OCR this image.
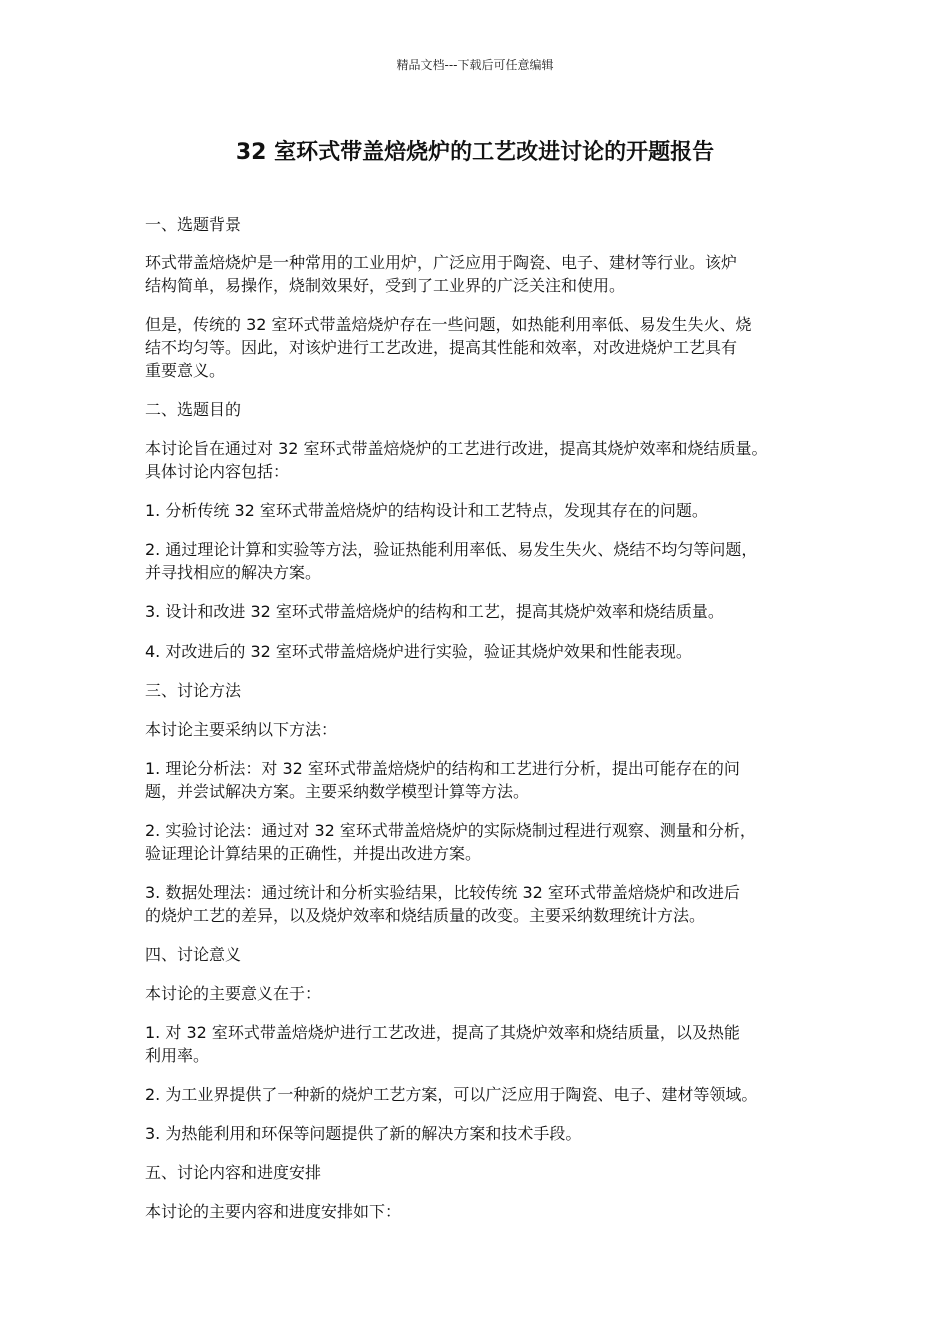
精品文档---下载后可任意编辑
32 室环式带盖焙烧炉的工艺改进讨论的开题报告

一、选题背景

环式带盖焙烧炉是一种常用的工业用炉，广泛应用于陶瓷、电子、建材等行业。该炉
结构简单，易操作，烧制效果好，受到了工业界的广泛关注和使用。

但是，传统的 32 室环式带盖焙烧炉存在一些问题，如热能利用率低、易发生失火、烧
结不均匀等。因此，对该炉进行工艺改进，提高其性能和效率，对改进烧炉工艺具有
重要意义。

二、选题目的

本讨论旨在通过对 32 室环式带盖焙烧炉的工艺进行改进，提高其烧炉效率和烧结质量。
具体讨论内容包括：

1. 分析传统 32 室环式带盖焙烧炉的结构设计和工艺特点，发现其存在的问题。

2. 通过理论计算和实验等方法，验证热能利用率低、易发生失火、烧结不均匀等问题，
并寻找相应的解决方案。

3. 设计和改进 32 室环式带盖焙烧炉的结构和工艺，提高其烧炉效率和烧结质量。

4. 对改进后的 32 室环式带盖焙烧炉进行实验，验证其烧炉效果和性能表现。

三、讨论方法

本讨论主要采纳以下方法：

1. 理论分析法：对 32 室环式带盖焙烧炉的结构和工艺进行分析，提出可能存在的问
题，并尝试解决方案。主要采纳数学模型计算等方法。

2. 实验讨论法：通过对 32 室环式带盖焙烧炉的实际烧制过程进行观察、测量和分析，
验证理论计算结果的正确性，并提出改进方案。

3. 数据处理法：通过统计和分析实验结果，比较传统 32 室环式带盖焙烧炉和改进后
的烧炉工艺的差异，以及烧炉效率和烧结质量的改变。主要采纳数理统计方法。

四、讨论意义

本讨论的主要意义在于：

1. 对 32 室环式带盖焙烧炉进行工艺改进，提高了其烧炉效率和烧结质量，以及热能
利用率。

2. 为工业界提供了一种新的烧炉工艺方案，可以广泛应用于陶瓷、电子、建材等领域。

3. 为热能利用和环保等问题提供了新的解决方案和技术手段。

五、讨论内容和进度安排

本讨论的主要内容和进度安排如下：
